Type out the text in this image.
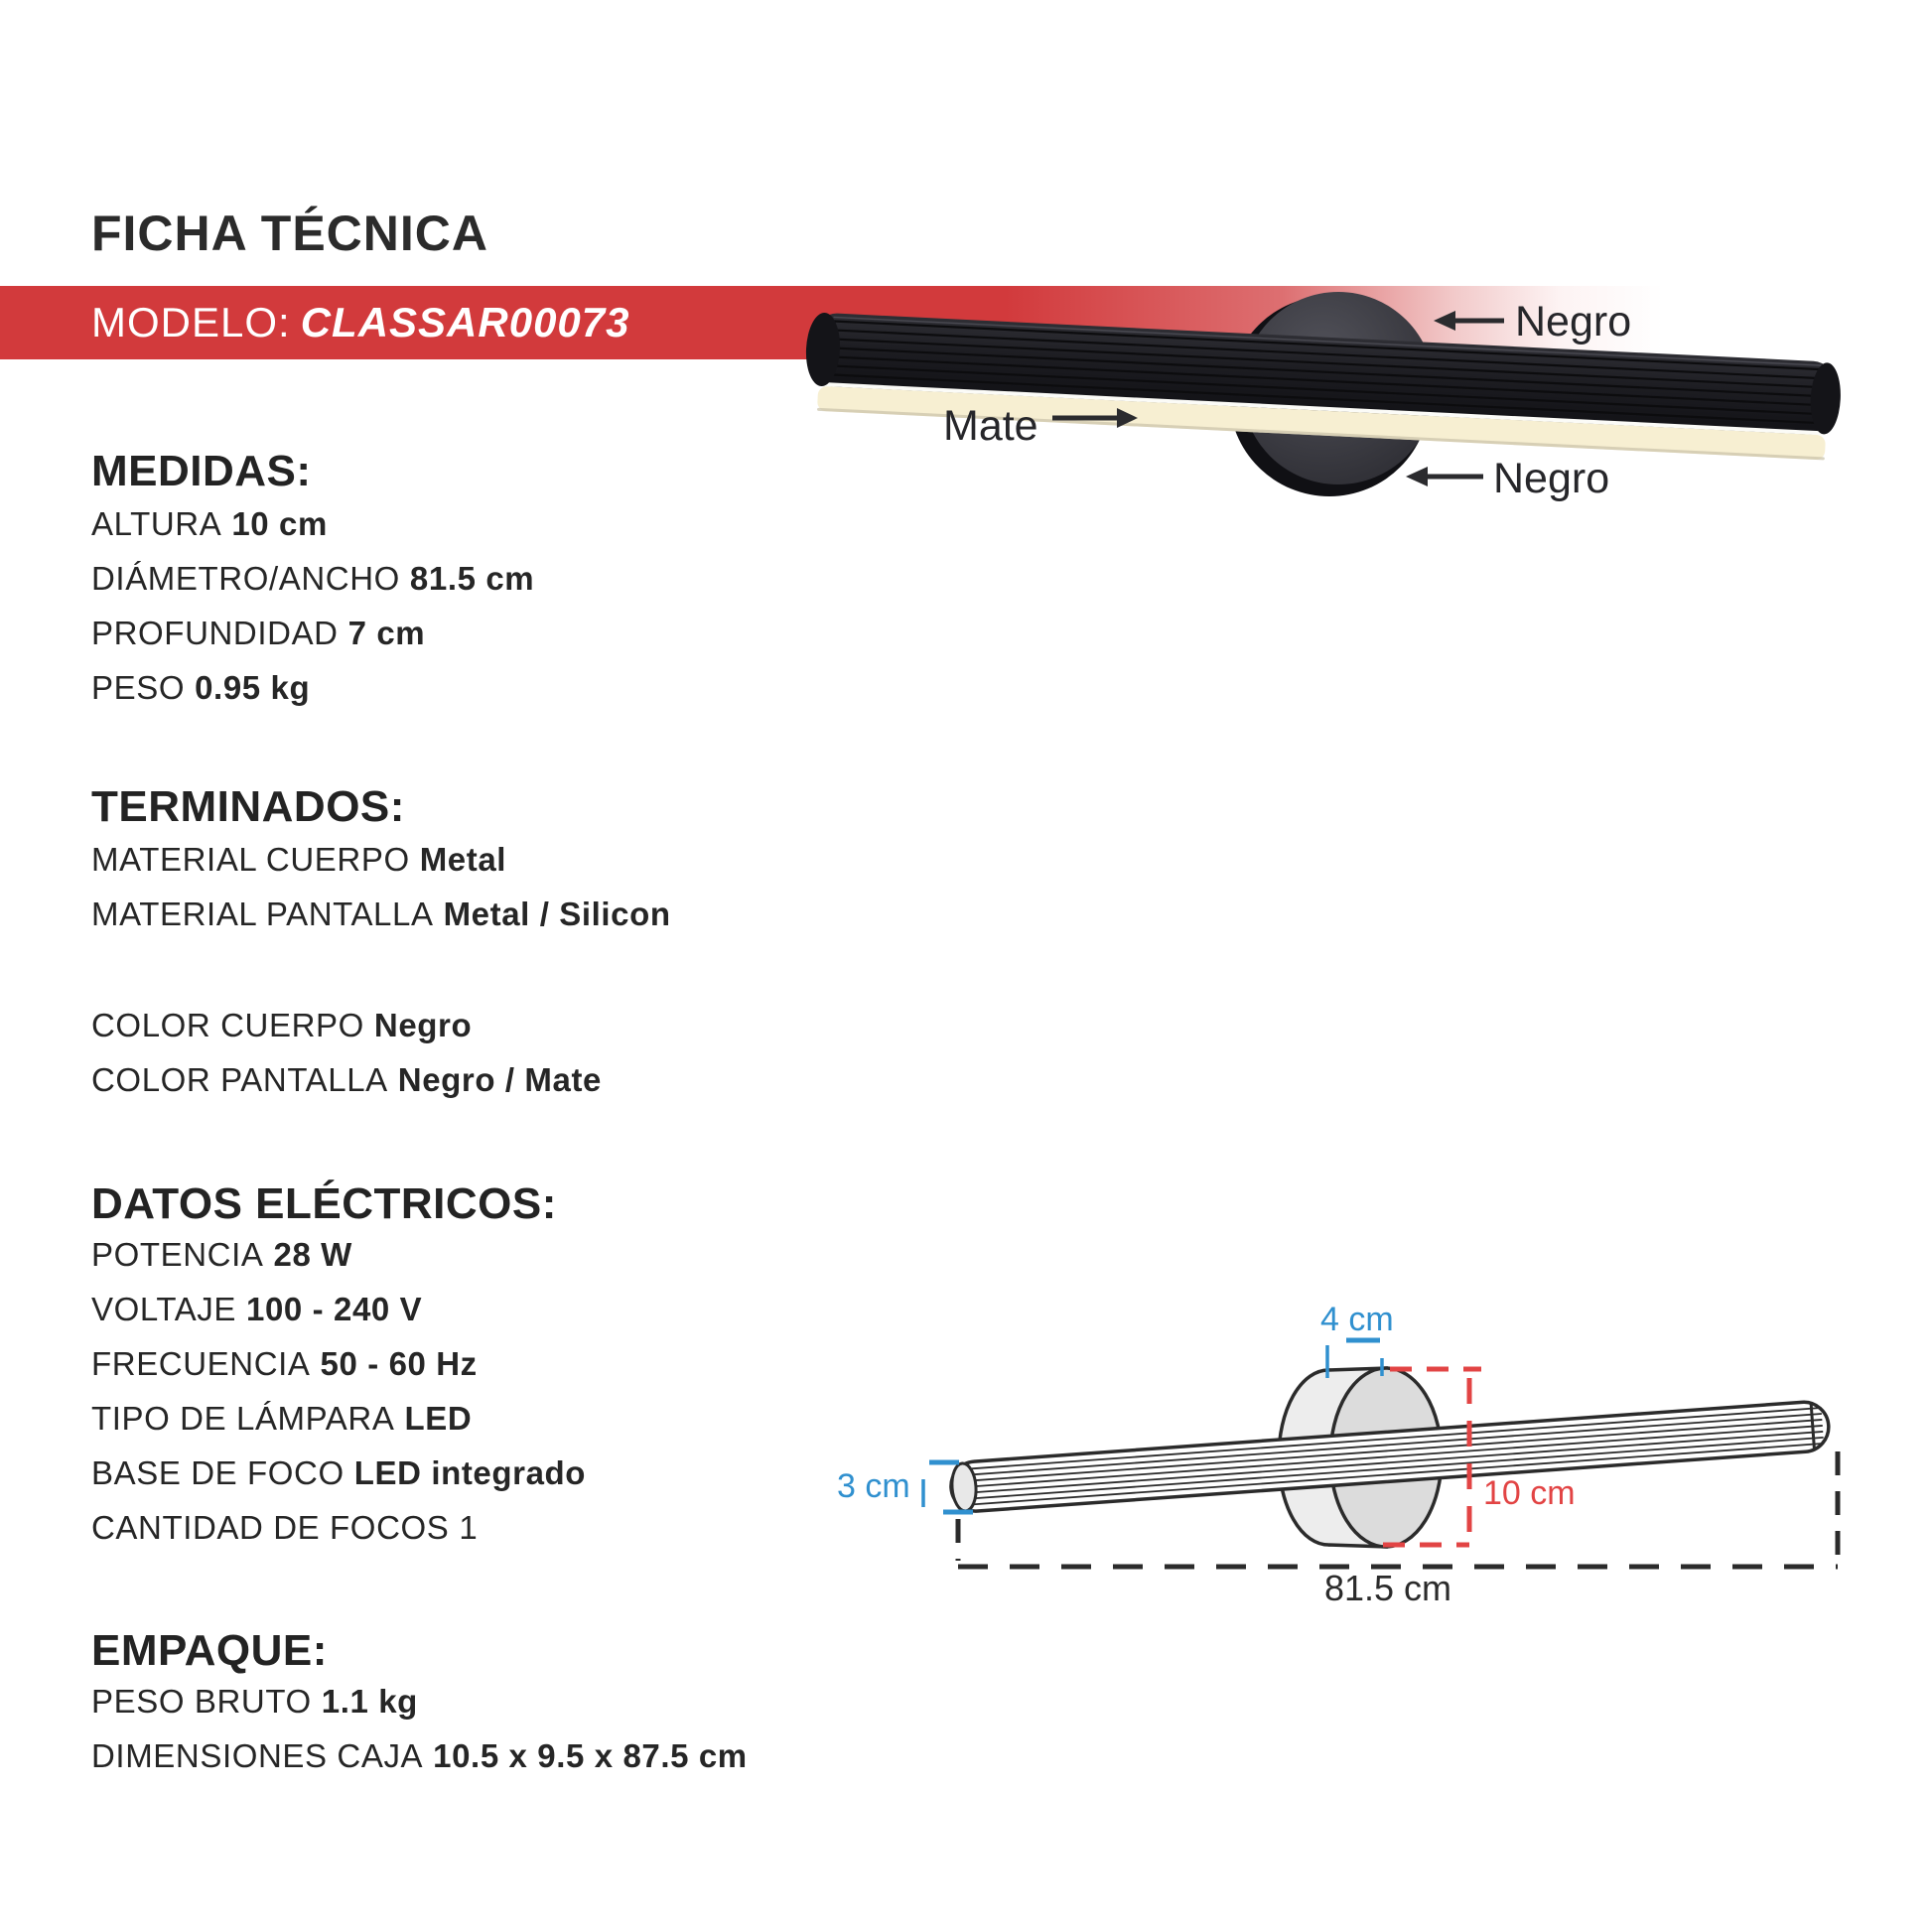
FICHA TÉCNICA
MODELO: CLASSAR00073
Mate
Negro
Negro
MEDIDAS:
ALTURA 10 cm
DIÁMETRO/ANCHO 81.5 cm
PROFUNDIDAD 7 cm
PESO 0.95 kg
TERMINADOS:
MATERIAL CUERPO Metal
MATERIAL PANTALLA Metal / Silicon
COLOR CUERPO Negro
COLOR PANTALLA Negro / Mate
DATOS ELÉCTRICOS:
POTENCIA 28 W
VOLTAJE 100 - 240 V
FRECUENCIA 50 - 60 Hz
TIPO DE LÁMPARA LED
BASE DE FOCO LED integrado
CANTIDAD DE FOCOS 1
EMPAQUE:
PESO BRUTO 1.1 kg
DIMENSIONES CAJA 10.5 x 9.5 x 87.5 cm
4 cm
3 cm	10 cm
81.5 cm
